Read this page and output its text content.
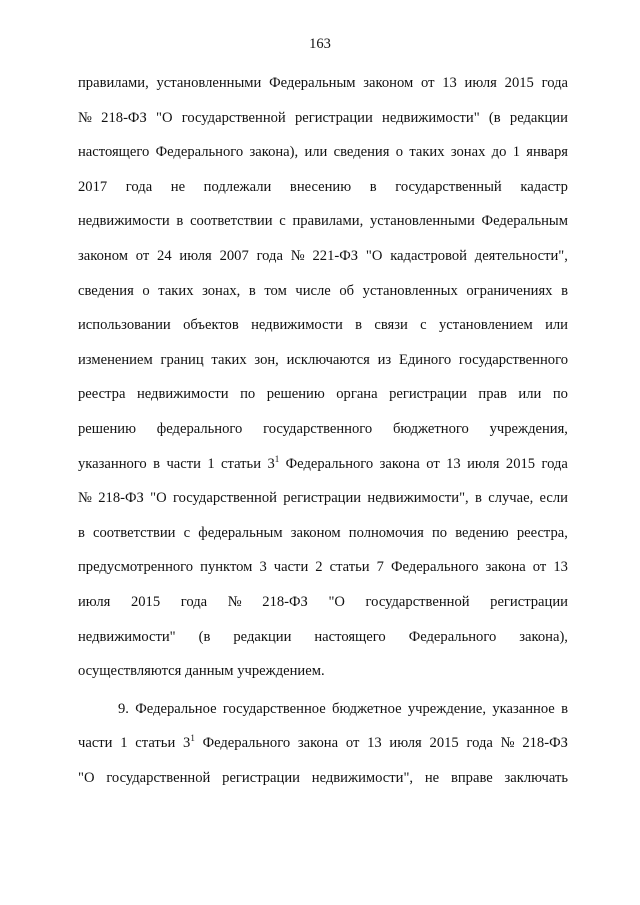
163
правилами, установленными Федеральным законом от 13 июля 2015 года
№ 218-ФЗ "О государственной регистрации недвижимости" (в редакции
настоящего Федерального закона), или сведения о таких зонах до 1 января
2017 года не подлежали внесению в государственный кадастр
недвижимости в соответствии с правилами, установленными Федеральным
законом от 24 июля 2007 года № 221-ФЗ "О кадастровой деятельности",
сведения о таких зонах, в том числе об установленных ограничениях в
использовании объектов недвижимости в связи с установлением или
изменением границ таких зон, исключаются из Единого государственного
реестра недвижимости по решению органа регистрации прав или по
решению федерального государственного бюджетного учреждения,
указанного в части 1 статьи $3^1$ Федерального закона от 13 июля 2015 года
№ 218-ФЗ "О государственной регистрации недвижимости", в случае, если
в соответствии с федеральным законом полномочия по ведению реестра,
предусмотренного пунктом 3 части 2 статьи 7 Федерального закона от 13
июля 2015 года № 218-ФЗ "О государственной регистрации
недвижимости" (в редакции настоящего Федерального закона),
осуществляются данным учреждением.
9. Федеральное государственное бюджетное учреждение, указанное в
части 1 статьи $3^1$ Федерального закона от 13 июля 2015 года № 218-ФЗ
"О государственной регистрации недвижимости", не вправе заключать
